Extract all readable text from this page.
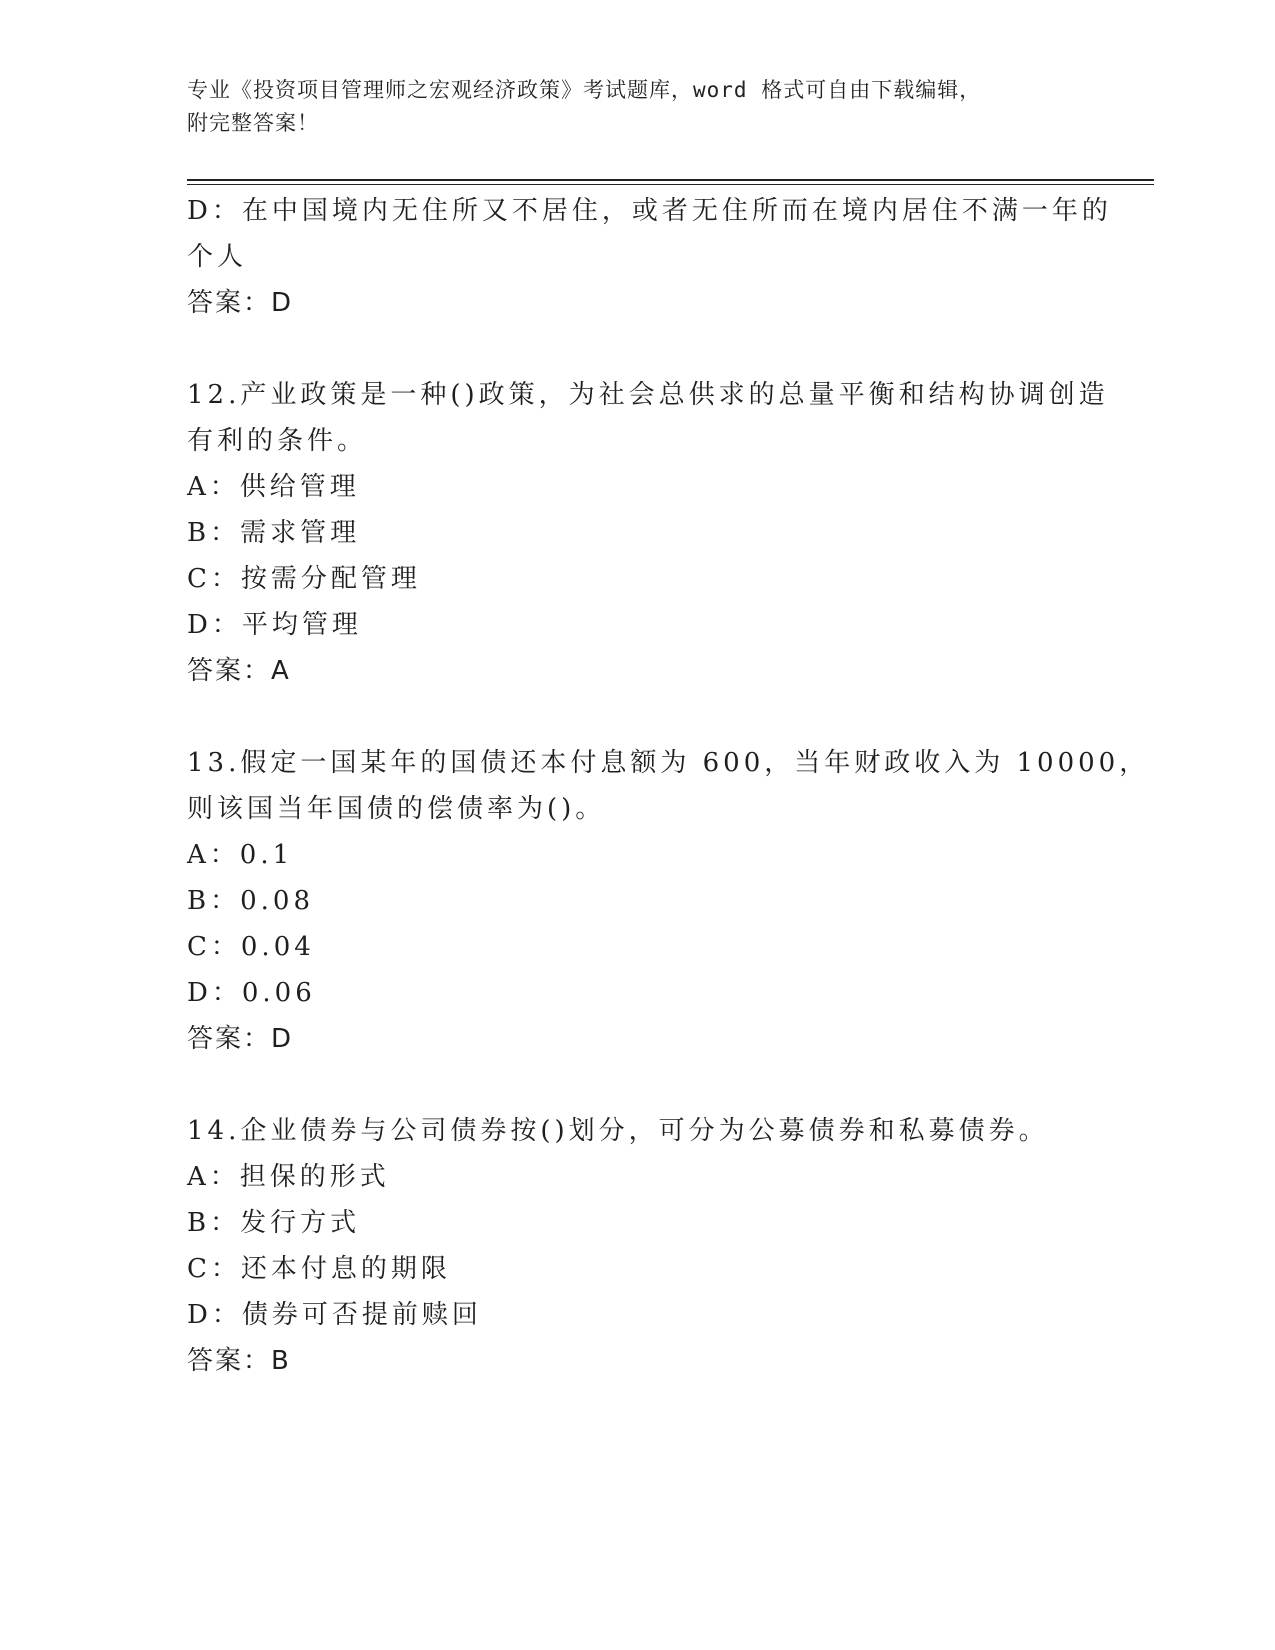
专业《投资项目管理师之宏观经济政策》考试题库，word 格式可自由下载编辑，
附完整答案！
D：在中国境内无住所又不居住，或者无住所而在境内居住不满一年的
个人
答案：D
12.产业政策是一种()政策，为社会总供求的总量平衡和结构协调创造
有利的条件。
A：供给管理
B：需求管理
C：按需分配管理
D：平均管理
答案：A
13.假定一国某年的国债还本付息额为 600，当年财政收入为 10000，
则该国当年国债的偿债率为()。
A：0.1
B：0.08
C：0.04
D：0.06
答案：D
14.企业债券与公司债券按()划分，可分为公募债券和私募债券。
A：担保的形式
B：发行方式
C：还本付息的期限
D：债券可否提前赎回
答案：B
